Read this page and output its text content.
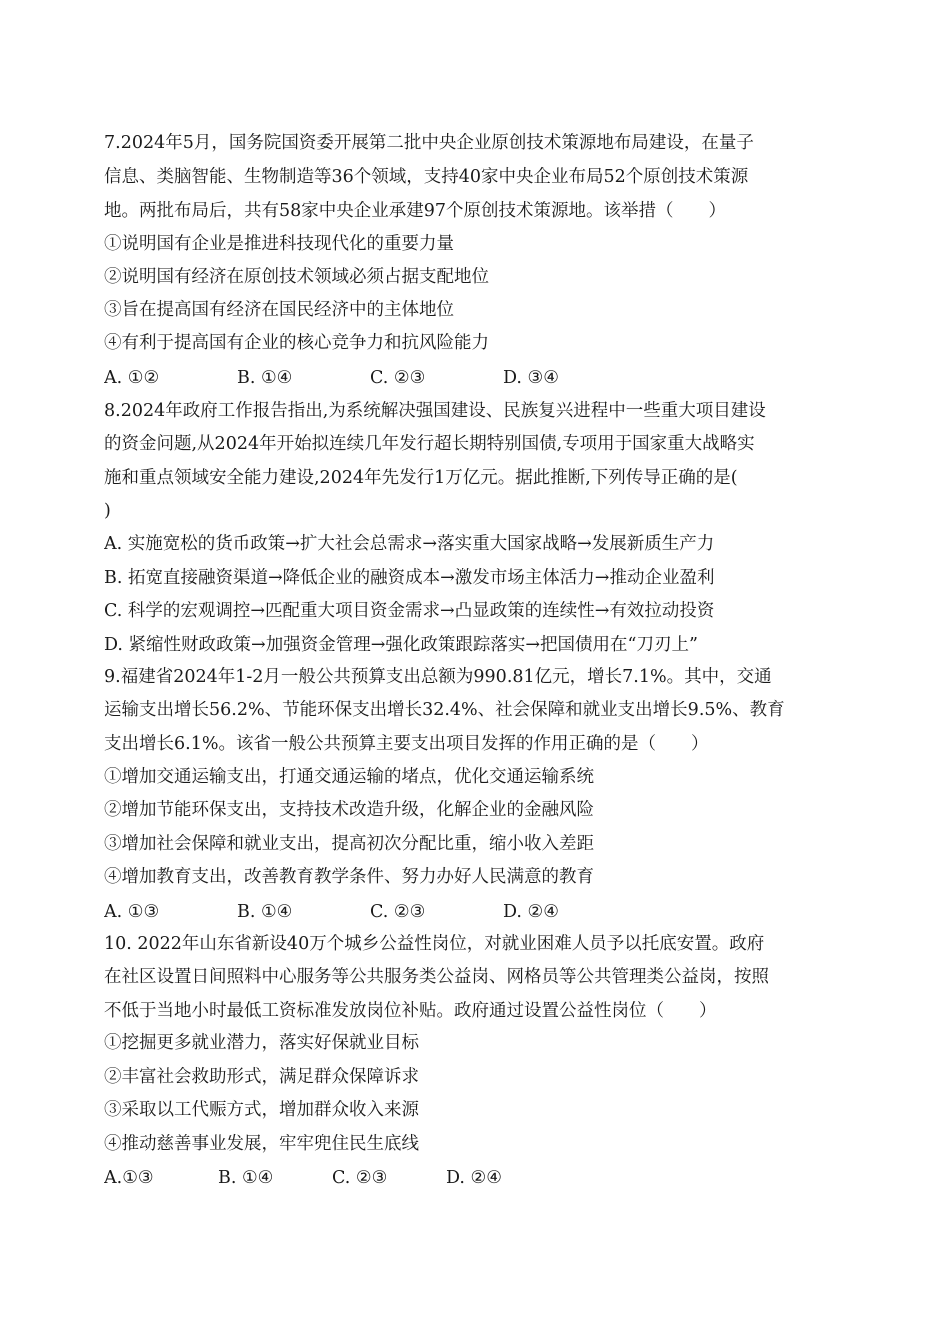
7.2024年5月，国务院国资委开展第二批中央企业原创技术策源地布局建设，在量子
信息、类脑智能、生物制造等36个领域，支持40家中央企业布局52个原创技术策源
地。两批布局后，共有58家中央企业承建97个原创技术策源地。该举措（　　）
①说明国有企业是推进科技现代化的重要力量
②说明国有经济在原创技术领域必须占据支配地位
③旨在提高国有经济在国民经济中的主体地位
④有利于提高国有企业的核心竞争力和抗风险能力
A. ①②	B. ①④	C. ②③	D. ③④
8.2024年政府工作报告指出,为系统解决强国建设、民族复兴进程中一些重大项目建设
的资金问题,从2024年开始拟连续几年发行超长期特别国债,专项用于国家重大战略实
施和重点领域安全能力建设,2024年先发行1万亿元。据此推断,下列传导正确的是(
)
A. 实施宽松的货币政策→扩大社会总需求→落实重大国家战略→发展新质生产力
B. 拓宽直接融资渠道→降低企业的融资成本→激发市场主体活力→推动企业盈利
C. 科学的宏观调控→匹配重大项目资金需求→凸显政策的连续性→有效拉动投资
D. 紧缩性财政政策→加强资金管理→强化政策跟踪落实→把国债用在“刀刃上”
9.福建省2024年1-2月一般公共预算支出总额为990.81亿元，增长7.1%。其中，交通
运输支出增长56.2%、节能环保支出增长32.4%、社会保障和就业支出增长9.5%、教育
支出增长6.1%。该省一般公共预算主要支出项目发挥的作用正确的是（　　）
①增加交通运输支出，打通交通运输的堵点，优化交通运输系统
②增加节能环保支出，支持技术改造升级，化解企业的金融风险
③增加社会保障和就业支出，提高初次分配比重，缩小收入差距
④增加教育支出，改善教育教学条件、努力办好人民满意的教育
A. ①③	B. ①④	C. ②③	D. ②④
10. 2022年山东省新设40万个城乡公益性岗位，对就业困难人员予以托底安置。政府
在社区设置日间照料中心服务等公共服务类公益岗、网格员等公共管理类公益岗，按照
不低于当地小时最低工资标准发放岗位补贴。政府通过设置公益性岗位（　　）
①挖掘更多就业潜力，落实好保就业目标
②丰富社会救助形式，满足群众保障诉求
③采取以工代赈方式，增加群众收入来源
④推动慈善事业发展，牢牢兜住民生底线
A.①③	B. ①④	C. ②③	D. ②④
